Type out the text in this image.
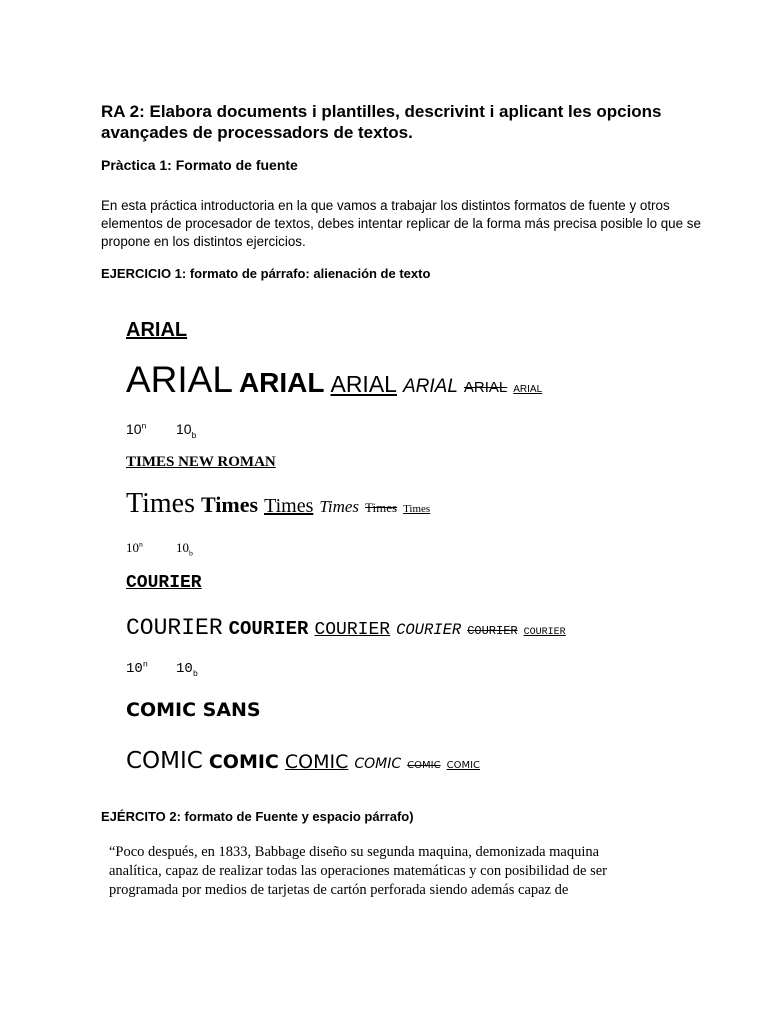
RA 2: Elabora documents i plantilles, descrivint i aplicant les opcions
avançades de processadors de textos.
Pràctica 1: Formato de fuente
En esta práctica introductoria en la que vamos a trabajar los distintos formatos de fuente y otros
elementos de procesador de textos, debes intentar replicar de la forma más precisa posible lo que se
propone en los distintos ejercicios.
EJERCICIO 1: formato de párrafo: alienación de texto
ARIAL
ARIAL ARIAL ARIAL ARIAL ARIAL ARIAL
10$^n$ $10_b$
TIMES NEW ROMAN
Times Times Times Times Times Times
10$^n$	$10_b$
COURIER
COURIER COURIER COURIER COURIER COURIER COURIER
10$^n$ $10_b$
COMIC SANS
COMIC COMIC COMIC COMIC COMIC COMIC
EJÉRCITO 2: formato de Fuente y espacio párrafo)
“Poco después, en 1833, Babbage diseño su segunda maquina, demonizada maquina
analítica, capaz de realizar todas las operaciones matemáticas y con posibilidad de ser
programada por medios de tarjetas de cartón perforada siendo además capaz de
